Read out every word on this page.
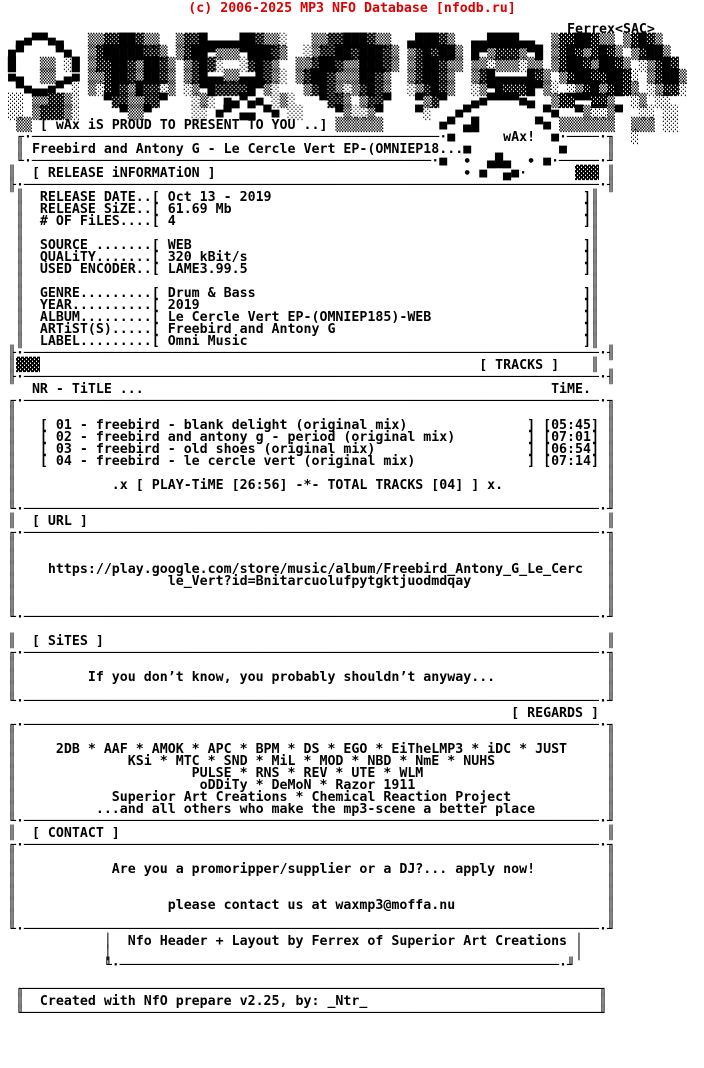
(c) 2006-2025 MP3 NFO Database [nfodb.ru]
Ferrex<SAC>
▄■▀▀■▄   ▒▒▓▓██▓▒▒  ▒▓▓█▄▄▄▄██▓▒▒░   ▒▒▓▓███▓▒▒  ▄███▓▒  ▄▄████▄▄  ▒▓▓██▓▒▒ ▒▓█▓▒
■▀    ▀■  ▒▓█████▓▓▒ ▒▓██▀▒▒▒▀███▓▒  ░▒▓▓██▓███▓▒ ▒▓█▓██▒ █▀▒▓▓▓▒▀█ ▒▓█▓▒▓█▓▒ ▒▓██▒
█   ▒▒ ░█ ▒▓▓██▓▒██▓▒ ▒▓█▓░  ░▓█▓▒  ▒▒▓██▓▒▒███▓▒ ▒▓██▓▒▒ ▒▒░▒▒▒░▒▒ ▒▓██▓▒██▓▒ ░▒▓█▓
■▄  ▒▒ ▄■ ▒▒▓██▓▒██▓▒ ▒▓█▄▄▒▒▄▄█▓▒░ ▒▓██▓▒▒▒██▓▒  ▒▓██▓▒  ▒▓█▄▄▄▄█▓▒ ▒▓██▓▓██▓░ ▒▓██▒
▀■▄▄■▀ ░ ▒░▓█▓▒█▓▓░▒ ░▒▀█▓▓▓▓█▀▒░   ▒▓█▓▒░▒▓█▓▒  ░▒▓█▓▒  ░▒▀█▓▓▓█▀▒░ ░▒▓█▒▓█▓▒ ░▒▓▓░
░░ ▒▒▓▓▒░   ▀▓▓▒▒▓▓▀   ░▒░ ■▄▀▄■ ░▒░   ▀▓▓▒ ▒▓▓▀   ▀▒▓▀   ▄■▀▀▀▀■▄  ▒▓▓▀▀▓▓▒  ░▒ ░░
░░ ▒▓▓▓▒░     ▀▒▒▀     ░░ ■▀ ▄▄ ▀■ ░░    ▀▒░░▒▀    ▀░   ■▀         ▀■  ▀▒░░▒▀  ░░ ░░
▒▒ [ wAx iS PROUD TO PRESENT TO YOU ..] ▒▒▒▒▒▒       ■▀ ▄█       ▀■ ▒▒▒▒▒▒▒  ▒▒▒ ░░
╓·───────────────────────────────────────────────────·■      wAx!  ■·────·╖  ░
║ Freebird and Antony G - Le Cercle Vert EP-(OMNIEP18...■           ■     ║
╙·──────────────────────────────────────────────────·■  ∙  ▄█▄  ∙ ■·─────·╜
║  [ RELEASE iNFORMATiON ]                               ∙ ■  ▄■·      ▓▓▓ ║
╟·────────────────────────────────────────────────────────────────────────·╢
║  RELEASE DATE..[ Oct 13 - 2019                                       ]║
║  RELEASE SiZE..[ 61.69 Mb                                            ]║
║  # OF FiLES....[ 4                                                   ]║
║                                                                       ║
║  SOURCE .......[ WEB                                                 ]║
║  QUALiTY.......[ 320 kBit/s                                          ]║
║  USED ENCODER..[ LAME3.99.5                                          ]║
║                                                                       ║
║  GENRE.........[ Drum & Bass                                         ]║
║  YEAR..........[ 2019                                                ]║
║  ALBUM.........[ Le Cercle Vert EP-(OMNIEP185)-WEB                   ]║
║  ARTiST(S).....[ Freebird and Antony G                               ]║
║  LABEL.........[ Omni Music                                          ]║
╟·────────────────────────────────────────────────────────────────────────·╢
║▓▓▓                                                       [ TRACKS ]    ║
╟·────────────────────────────────────────────────────────────────────────·╢
NR - TiTLE ...                                                   TiME.
╓·────────────────────────────────────────────────────────────────────────·╖
║                                                                          ║
║   [ 01 - freebird - blank delight (original mix)               ] [05:45] ║
║   [ 02 - freebird and antony g - period (original mix)         ] [07:01] ║
║   [ 03 - freebird - old shoes (original mix)                   ] [06:54] ║
║   [ 04 - freebird - le cercle vert (original mix)              ] [07:14] ║
║                                                                          ║
║            .x [ PLAY-TiME [26:56] -*- TOTAL TRACKS [04] ] x.             ║
║                                                                          ║
╙·────────────────────────────────────────────────────────────────────────·╜
║  [ URL ]                                                                 ║
╓·────────────────────────────────────────────────────────────────────────·╖
║                                                                          ║
║                                                                          ║
║    https://play.google.com/store/music/album/Freebird_Antony_G_Le_Cerc   ║
║                   le_Vert?id=Bnitarcuolufpytgktjuodmdqay                 ║
║                                                                          ║
║                                                                          ║
╙·────────────────────────────────────────────────────────────────────────·╜
║  [ SiTES ]                                                               ║
╓·────────────────────────────────────────────────────────────────────────·╖
║                                                                          ║
║         If you don’t know, you probably shouldn’t anyway...              ║
║                                                                          ║
╙·────────────────────────────────────────────────────────────────────────·╜
[ REGARDS ]
╓·────────────────────────────────────────────────────────────────────────·╖
║                                                                          ║
║     2DB * AAF * AMOK * APC * BPM * DS * EGO * EiTheLMP3 * iDC * JUST     ║
║              KSi * MTC * SND * MiL * MOD * NBD * NmE * NUHS              ║
║                      PULSE * RNS * REV * UTE * WLM                       ║
║                       oDDiTy * DeMoN * Razor 1911                        ║
║            Superior Art Creations * Chemical Reaction Project            ║
║          ...and all others who make the mp3-scene a better place         ║
╙·────────────────────────────────────────────────────────────────────────·╜
║  [ CONTACT ]                                                             ║
╓·────────────────────────────────────────────────────────────────────────·╖
║                                                                          ║
║            Are you a promoripper/supplier or a DJ?... apply now!         ║
║                                                                          ║
║                                                                          ║
║                   please contact us at waxmp3@moffa.nu                   ║
║                                                                          ║
╙·────────────────────────────────────────────────────────────────────────·╜
│  Nfo Header + Layout by Ferrex of Superior Art Creations │
│                                                          │
╙·───────────────────────────────────────────────────────·╜
╓────────────────────────────────────────────────────────────────────────╖
║  Created with NfO prepare v2.25, by: _Ntr_                             ║
╙────────────────────────────────────────────────────────────────────────╜
